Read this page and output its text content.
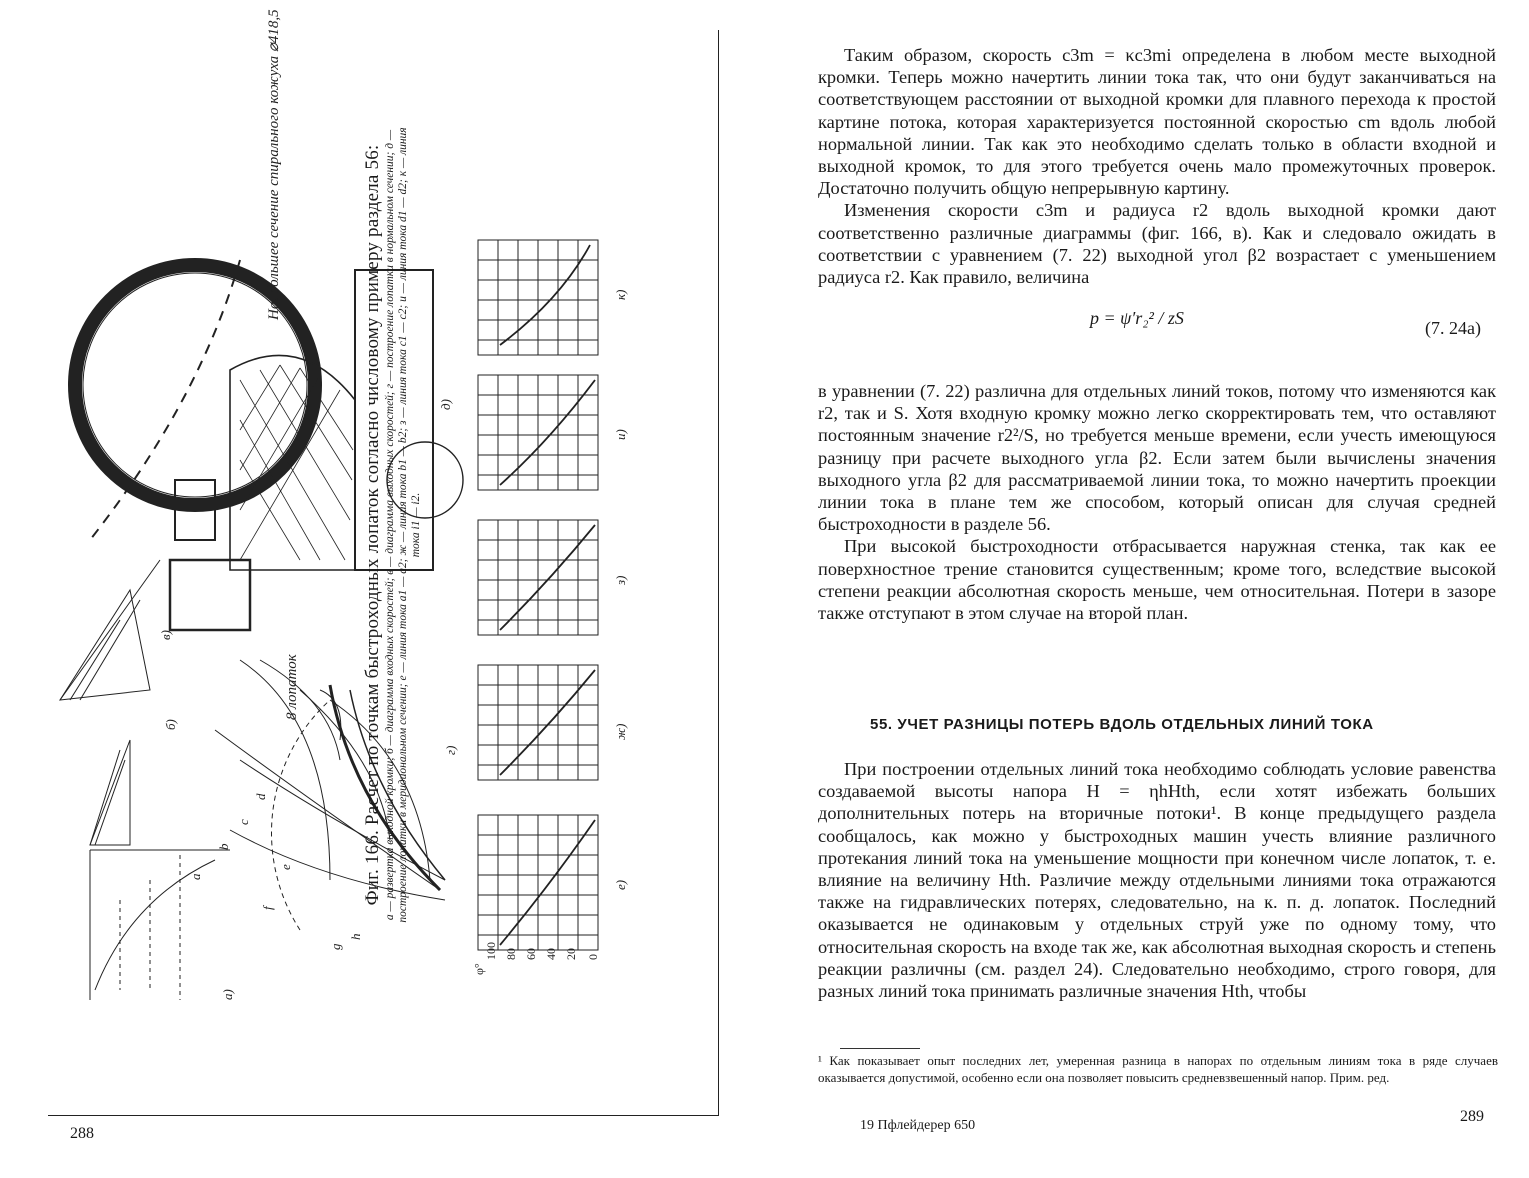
а)
б)
в)
г)
д)
е)
ж)
з)
и)
к)
a
b
c
d
e
f
g
h
Наибольшее сечение спирального кожуха ⌀418,5
8 лопаток
0
20
40
60
80
100
φ°
Фиг. 166. Расчет по точкам быстроходных лопаток согласно числовому примеру раздела 56: а — развертка выходной кромки; б — диаграмма входных скоростей; в — диаграмма выходных скоростей; г — построение лопатки в нормальном сечении; д — построение лопатки в меридиональном сечении; е — линия тока a1 — a2; ж — линия тока b1 — b2; з — линия тока c1 — c2; и — линия тока d1 — d2; к — линия тока i1 — i2.
288

Таким образом, скорость c3m = κc3mi определена в любом месте выходной кромки. Теперь можно начертить линии тока так, что они будут заканчиваться на соответствующем расстоянии от выходной кромки для плавного перехода к простой картине потока, которая характеризуется постоянной скоростью cm вдоль любой нормальной линии. Так как это необходимо сделать только в области входной и выходной кромок, то для этого требуется очень мало промежуточных проверок. Достаточно получить общую непрерывную картину.

Изменения скорости c3m и радиуса r2 вдоль выходной кромки дают соответственно различные диаграммы (фиг. 166, в). Как и следовало ожидать в соответствии с уравнением (7. 22) выходной угол β2 возрастает с уменьшением радиуса r2. Как правило, величина

p = ψ′r₂² / zS	(7. 24а)

в уравнении (7. 22) различна для отдельных линий токов, потому что изменяются как r2, так и S. Хотя входную кромку можно легко скорректировать тем, что оставляют постоянным значение r2²/S, но требуется меньше времени, если учесть имеющуюся разницу при расчете выходного угла β2. Если затем были вычислены значения выходного угла β2 для рассматриваемой линии тока, то можно начертить проекции линии тока в плане тем же способом, который описан для случая средней быстроходности в разделе 56.

При высокой быстроходности отбрасывается наружная стенка, так как ее поверхностное трение становится существенным; кроме того, вследствие высокой степени реакции абсолютная скорость меньше, чем относительная. Потери в зазоре также отступают в этом случае на второй план.

55. УЧЕТ РАЗНИЦЫ ПОТЕРЬ ВДОЛЬ ОТДЕЛЬНЫХ ЛИНИЙ ТОКА

При построении отдельных линий тока необходимо соблюдать условие равенства создаваемой высоты напора H = ηhHth, если хотят избежать больших дополнительных потерь на вторичные потоки¹. В конце предыдущего раздела сообщалось, как можно у быстроходных машин учесть влияние различного протекания линий тока на уменьшение мощности при конечном числе лопаток, т. е. влияние на величину Hth. Различие между отдельными линиями тока отражаются также на гидравлических потерях, следовательно, на к. п. д. лопаток. Последний оказывается не одинаковым у отдельных струй уже по одному тому, что относительная скорость на входе так же, как абсолютная выходная скорость и степень реакции различны (см. раздел 24). Следовательно необходимо, строго говоря, для разных линий тока принимать различные значения Hth, чтобы

¹ Как показывает опыт последних лет, умеренная разница в напорах по отдельным линиям тока в ряде случаев оказывается допустимой, особенно если она позволяет повысить средневзвешенный напор. Прим. ред.
19 Пфлейдерер 650
289
